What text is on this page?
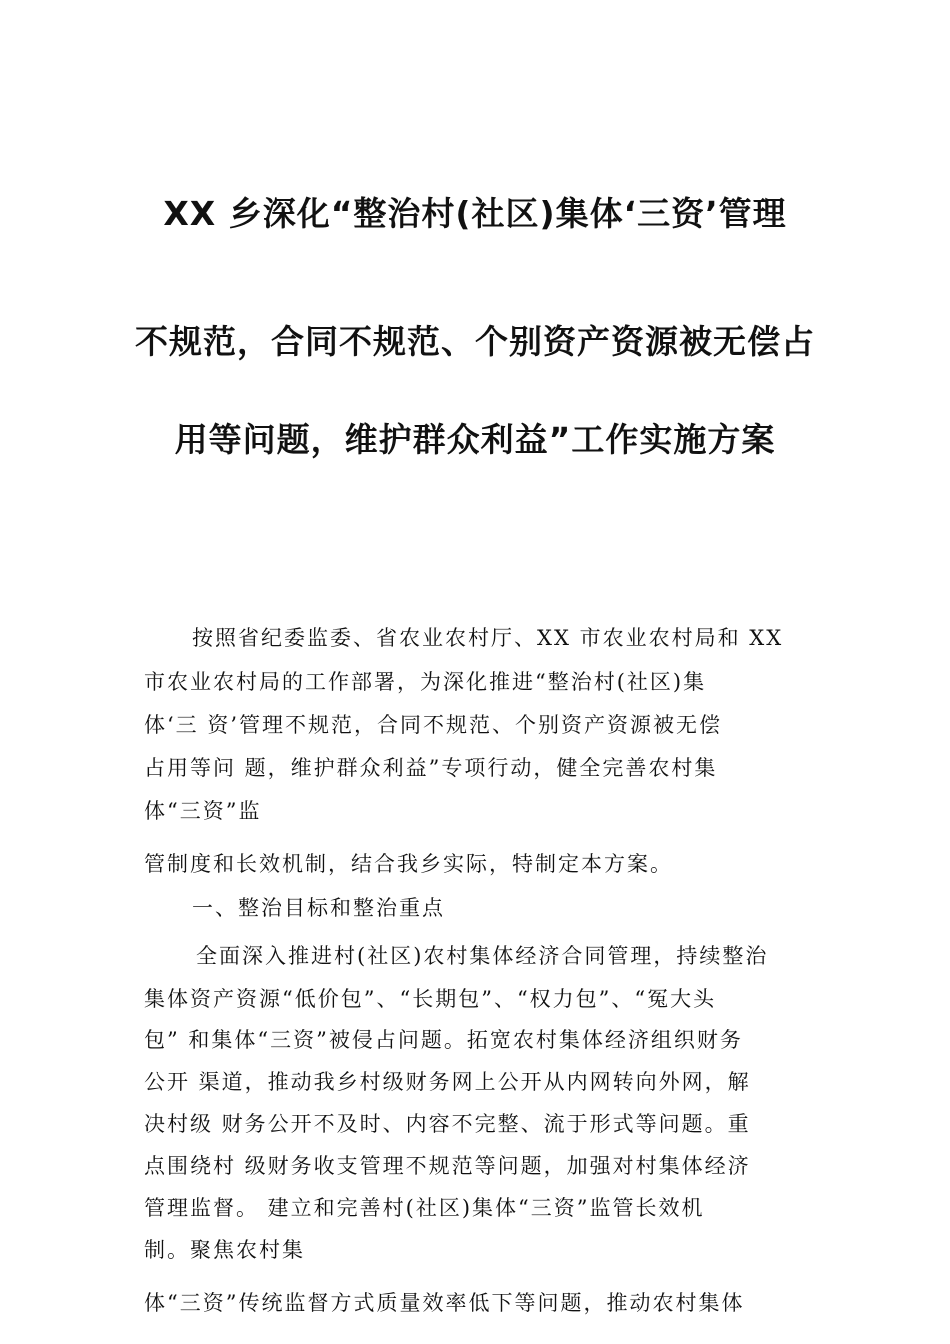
XX 乡深化“整治村(社区)集体‘三资’管理
不规范，合同不规范、个别资产资源被无偿占
用等问题，维护群众利益”工作实施方案
按照省纪委监委、省农业农村厅、XX 市农业农村局和 XX
市农业农村局的工作部署，为深化推进“整治村(社区)集
体‘三 资’管理不规范，合同不规范、个别资产资源被无偿
占用等问 题，维护群众利益”专项行动，健全完善农村集
体“三资”监
管制度和长效机制，结合我乡实际，特制定本方案。
一、整治目标和整治重点
全面深入推进村(社区)农村集体经济合同管理，持续整治
集体资产资源“低价包”、“长期包”、“权力包”、“冤大头
包” 和集体“三资”被侵占问题。拓宽农村集体经济组织财务
公开 渠道，推动我乡村级财务网上公开从内网转向外网，解
决村级 财务公开不及时、内容不完整、流于形式等问题。重
点围绕村 级财务收支管理不规范等问题，加强对村集体经济
管理监督。 建立和完善村(社区)集体“三资”监管长效机
制。聚焦农村集
体“三资”传统监督方式质量效率低下等问题，推动农村集体
